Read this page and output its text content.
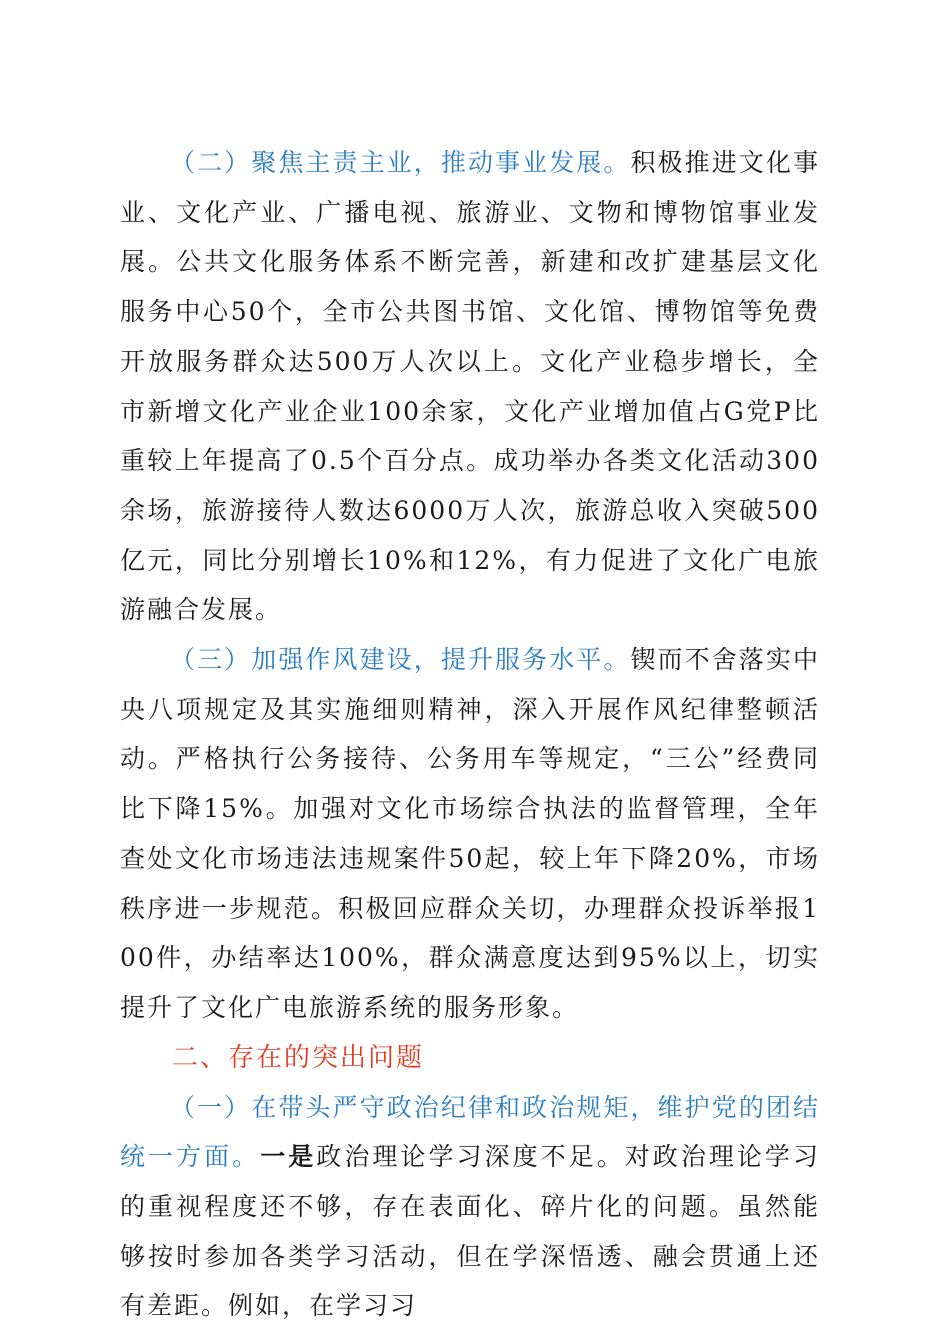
（二）聚焦主责主业，推动事业发展。积极推进文化事业、文化产业、广播电视、旅游业、文物和博物馆事业发展。公共文化服务体系不断完善，新建和改扩建基层文化服务中心50个，全市公共图书馆、文化馆、博物馆等免费开放服务群众达500万人次以上。文化产业稳步增长，全市新增文化产业企业100余家，文化产业增加值占G党P比重较上年提高了0.5个百分点。成功举办各类文化活动300余场，旅游接待人数达6000万人次，旅游总收入突破500亿元，同比分别增长10%和12%，有力促进了文化广电旅游融合发展。

（三）加强作风建设，提升服务水平。锲而不舍落实中央八项规定及其实施细则精神，深入开展作风纪律整顿活动。严格执行公务接待、公务用车等规定，“三公”经费同比下降15%。加强对文化市场综合执法的监督管理，全年查处文化市场违法违规案件50起，较上年下降20%，市场秩序进一步规范。积极回应群众关切，办理群众投诉举报100件，办结率达100%，群众满意度达到95%以上，切实提升了文化广电旅游系统的服务形象。

二、存在的突出问题

（一）在带头严守政治纪律和政治规矩，维护党的团结统一方面。一是政治理论学习深度不足。对政治理论学习的重视程度还不够，存在表面化、碎片化的问题。虽然能够按时参加各类学习活动，但在学深悟透、融会贯通上还有差距。例如，在学习习
